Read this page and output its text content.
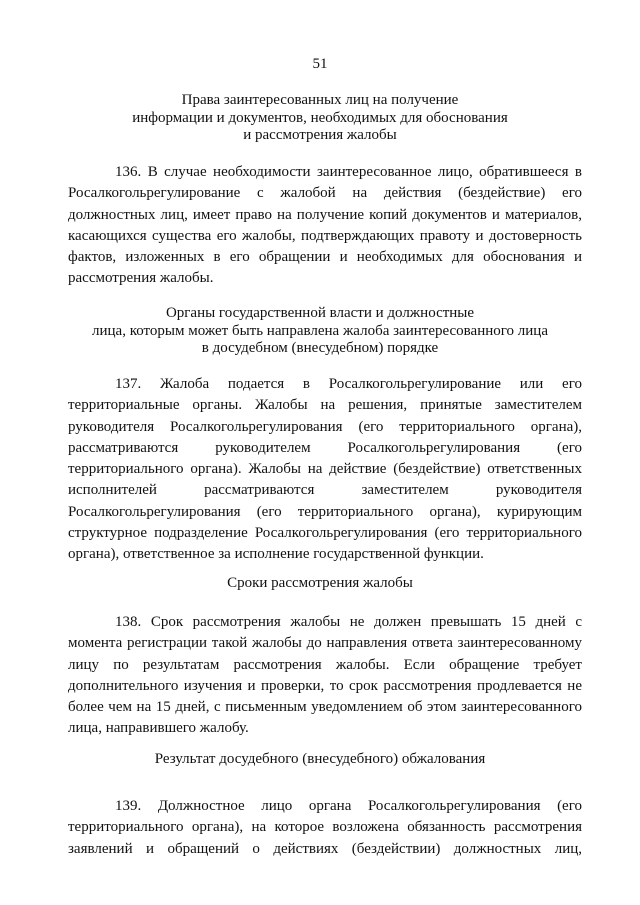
51
Права заинтересованных лиц на получение
информации и документов, необходимых для обоснования
и рассмотрения жалобы
136. В случае необходимости заинтересованное лицо, обратившееся в Росалкогольрегулирование с жалобой на действия (бездействие) его должностных лиц, имеет право на получение копий документов и материалов, касающихся существа его жалобы, подтверждающих правоту и достоверность фактов, изложенных в его обращении и необходимых для обоснования и рассмотрения жалобы.
Органы государственной власти и должностные
лица, которым может быть направлена жалоба заинтересованного лица
в досудебном (внесудебном) порядке
137. Жалоба подается в Росалкогольрегулирование или его территориальные органы. Жалобы на решения, принятые заместителем руководителя Росалкогольрегулирования (его территориального органа), рассматриваются руководителем Росалкогольрегулирования (его территориального органа). Жалобы на действие (бездействие) ответственных исполнителей рассматриваются заместителем руководителя Росалкогольрегулирования (его территориального органа), курирующим структурное подразделение Росалкогольрегулирования (его территориального органа), ответственное за исполнение государственной функции.
Сроки рассмотрения жалобы
138. Срок рассмотрения жалобы не должен превышать 15 дней с момента регистрации такой жалобы до направления ответа заинтересованному лицу по результатам рассмотрения жалобы. Если обращение требует дополнительного изучения и проверки, то срок рассмотрения продлевается не более чем на 15 дней, с письменным уведомлением об этом заинтересованного лица, направившего жалобу.
Результат досудебного (внесудебного) обжалования
139. Должностное лицо органа Росалкогольрегулирования (его территориального органа), на которое возложена обязанность рассмотрения заявлений и обращений о действиях (бездействии) должностных лиц,
